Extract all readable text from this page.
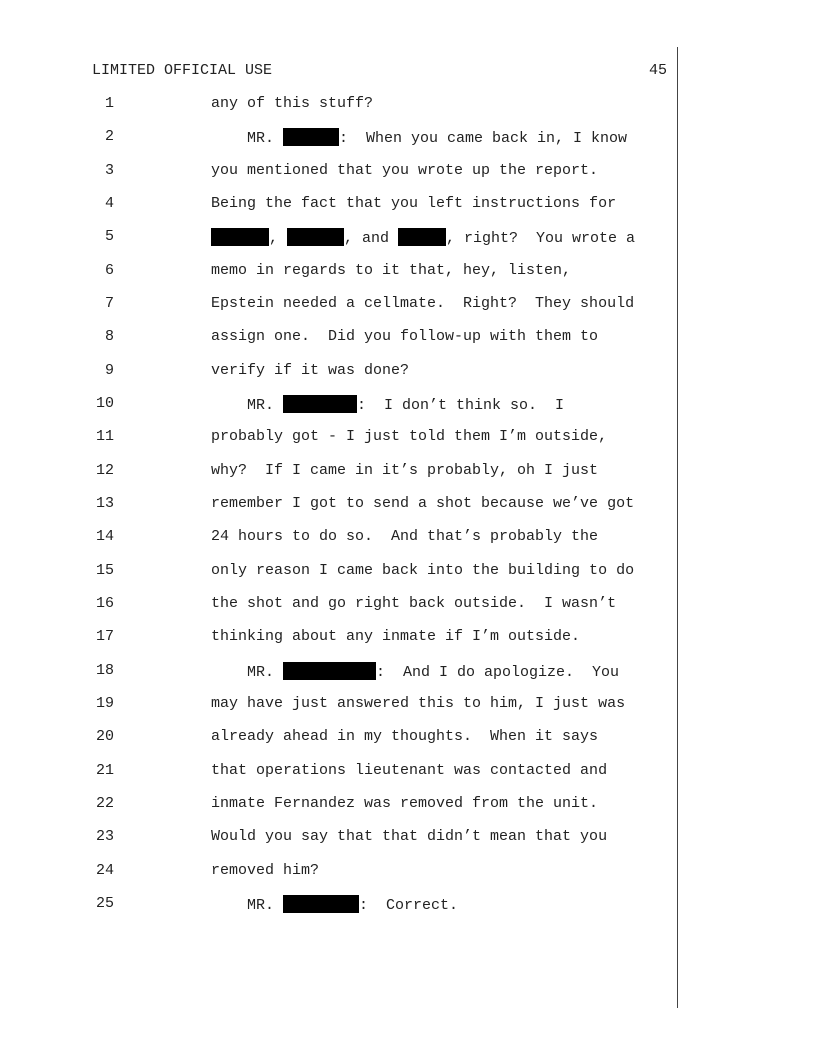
LIMITED OFFICIAL USE	45
1	any of this stuff?
2	MR.	:  When you came back in, I know
3	you mentioned that you wrote up the report.
4	Being the fact that you left instructions for
5	,	, and	, right?  You wrote a
6	memo in regards to it that, hey, listen,
7	Epstein needed a cellmate.  Right?  They should
8	assign one.  Did you follow-up with them to
9	verify if it was done?
10	MR.	:  I don’t think so.  I
11	probably got - I just told them I’m outside,
12	why?  If I came in it’s probably, oh I just
13	remember I got to send a shot because we’ve got
14	24 hours to do so.  And that’s probably the
15	only reason I came back into the building to do
16	the shot and go right back outside.  I wasn’t
17	thinking about any inmate if I’m outside.
18	MR.	:  And I do apologize.  You
19	may have just answered this to him, I just was
20	already ahead in my thoughts.  When it says
21	that operations lieutenant was contacted and
22	inmate Fernandez was removed from the unit.
23	Would you say that that didn’t mean that you
24	removed him?
25	MR.	:  Correct.
